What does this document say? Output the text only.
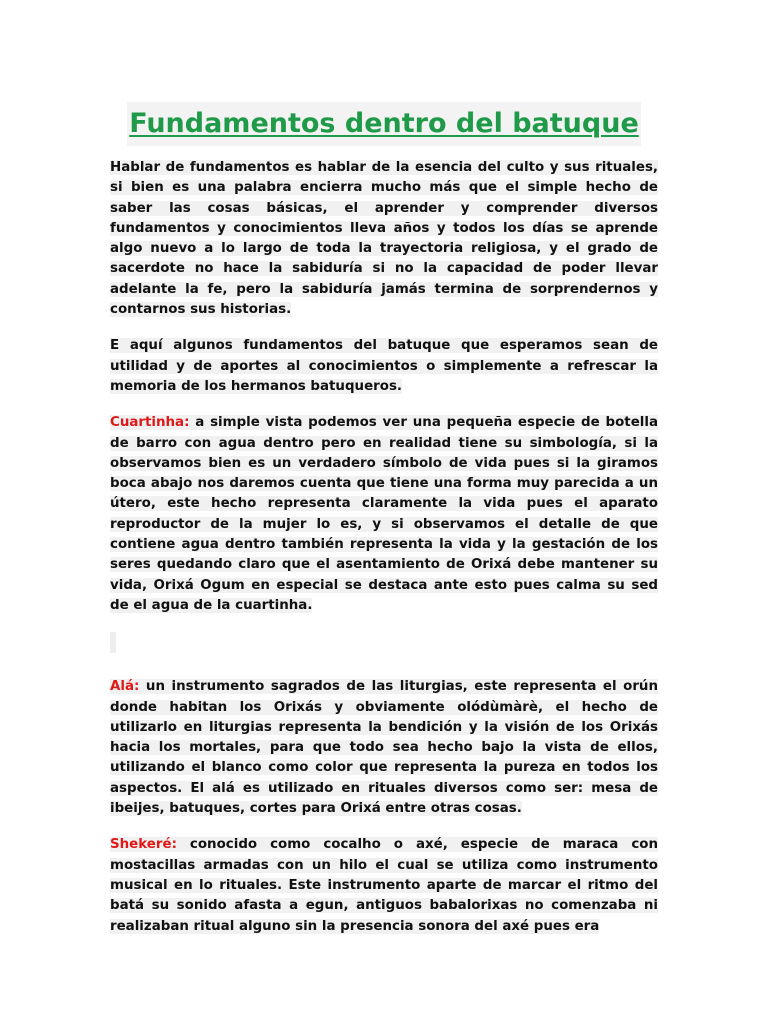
Fundamentos dentro del batuque

Hablar de fundamentos es hablar de la esencia del culto y sus rituales, si bien es una palabra encierra mucho más que el simple hecho de saber las cosas básicas, el aprender y comprender diversos fundamentos y conocimientos lleva años y todos los días se aprende algo nuevo a lo largo de toda la trayectoria religiosa, y el grado de sacerdote no hace la sabiduría si no la capacidad de poder llevar adelante la fe, pero la sabiduría jamás termina de sorprendernos y contarnos sus historias.

E aquí algunos fundamentos del batuque que esperamos sean de utilidad y de aportes al conocimientos o simplemente a refrescar la memoria de los hermanos batuqueros.

Cuartinha: a simple vista podemos ver una pequeña especie de botella de barro con agua dentro pero en realidad tiene su simbología, si la observamos bien es un verdadero símbolo de vida pues si la giramos boca abajo nos daremos cuenta que tiene una forma muy parecida a un útero, este hecho representa claramente la vida pues el aparato reproductor de la mujer lo es, y si observamos el detalle de que contiene agua dentro también representa la vida y la gestación de los seres quedando claro que el asentamiento de Orixá debe mantener su vida, Orixá Ogum en especial se destaca ante esto pues calma su sed de el agua de la cuartinha.

Alá: un instrumento sagrados de las liturgias, este representa el orún donde habitan los Orixás y obviamente olódùmàrè, el hecho de utilizarlo en liturgias representa la bendición y la visión de los Orixás hacia los mortales, para que todo sea hecho bajo la vista de ellos, utilizando el blanco como color que representa la pureza en todos los aspectos. El alá es utilizado en rituales diversos como ser: mesa de ibeijes, batuques, cortes para Orixá entre otras cosas.

Shekeré: conocido como cocalho o axé, especie de maraca con mostacillas armadas con un hilo el cual se utiliza como instrumento musical en lo rituales. Este instrumento aparte de marcar el ritmo del batá su sonido afasta a egun, antiguos babalorixas no comenzaba ni realizaban ritual alguno sin la presencia sonora del axé pues era
